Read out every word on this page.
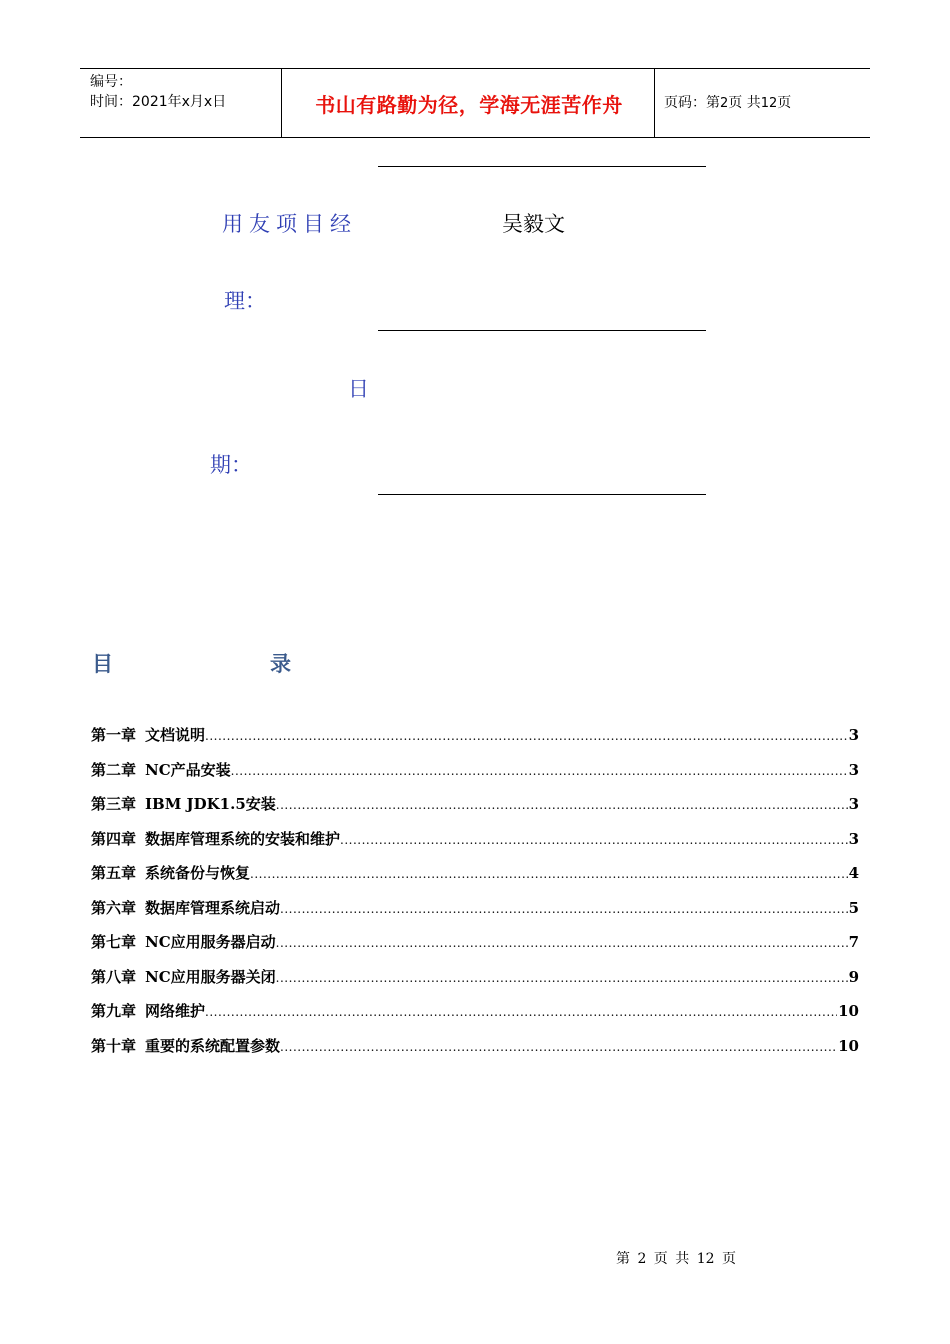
编号：
时间：2021年x月x日	书山有路勤为径，学海无涯苦作舟	页码：第2页 共12页
用友项目经	吴毅文
理：
日
期：
目	录
第一章 文档说明 .....	3
第二章 NC产品安装 .....	3
第三章 IBM JDK1.5安装 .....	3
第四章 数据库管理系统的安装和维护 .....	3
第五章 系统备份与恢复 .....	4
第六章 数据库管理系统启动 .....	5
第七章 NC应用服务器启动 .....	7
第八章 NC应用服务器关闭 .....	9
第九章 网络维护 .....	10
第十章 重要的系统配置参数 .....	10
第 2 页 共 12 页
